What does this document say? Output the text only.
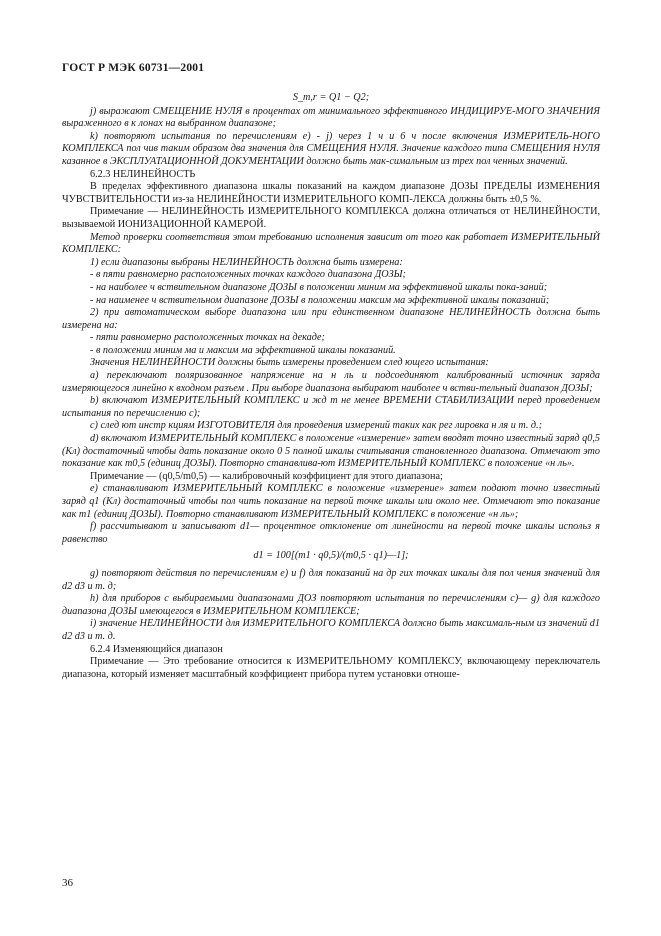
ГОСТ Р МЭК 60731—2001

S_m,r = Q1 − Q2;

j) выражают СМЕЩЕНИЕ НУЛЯ в процентах от минимального эффективного ИНДИЦИРУЕ-МОГО ЗНАЧЕНИЯ выраженного в к лонах на выбранном диапазоне;

k) повторяют испытания по перечислениям е) - j) через 1 ч и 6 ч после включения ИЗМЕРИТЕЛЬ-НОГО КОМПЛЕКСА пол чив таким образом два значения для СМЕЩЕНИЯ НУЛЯ. Значение каждого типа СМЕЩЕНИЯ НУЛЯ казанное в ЭКСПЛУАТАЦИОННОЙ ДОКУМЕНТАЦИИ должно быть мак-симальным из трех пол ченных значений.

6.2.3 НЕЛИНЕЙНОСТЬ

В пределах эффективного диапазона шкалы показаний на каждом диапазоне ДОЗЫ ПРЕДЕЛЫ ИЗМЕНЕНИЯ ЧУВСТВИТЕЛЬНОСТИ из-за НЕЛИНЕЙНОСТИ ИЗМЕРИТЕЛЬНОГО КОМП-ЛЕКСА должны быть ±0,5 %.

Примечание — НЕЛИНЕЙНОСТЬ ИЗМЕРИТЕЛЬНОГО КОМПЛЕКСА должна отличаться от НЕЛИНЕЙНОСТИ, вызываемой ИОНИЗАЦИОННОЙ КАМЕРОЙ.

Метод проверки соответствия этом требованию исполнения зависит от того как работает ИЗМЕРИТЕЛЬНЫЙ КОМПЛЕКС:

1) если диапазоны выбраны НЕЛИНЕЙНОСТЬ должна быть измерена:

- в пяти равномерно расположенных точках каждого диапазона ДОЗЫ;

- на наиболее ч вствительном диапазоне ДОЗЫ в положении миним ма эффективной шкалы пока-заний;

- на наименее ч вствительном диапазоне ДОЗЫ в положении максим ма эффективной шкалы показаний;

2) при автоматическом выборе диапазона или при единственном диапазоне НЕЛИНЕЙНОСТЬ должна быть измерена на:

- пяти равномерно расположенных точках на декаде;

- в положении миним ма и максим ма эффективной шкалы показаний.

Значения НЕЛИНЕЙНОСТИ должны быть измерены проведением след ющего испытания:

а) переключают поляризованное напряжение на н ль и подсоединяют калиброванный источник заряда измеряющегося линейно к входном разъем . При выборе диапазона выбирают наиболее ч встви-тельный диапазон ДОЗЫ;

b) включают ИЗМЕРИТЕЛЬНЫЙ КОМПЛЕКС и жд т не менее ВРЕМЕНИ СТАБИЛИЗАЦИИ перед проведением испытания по перечислению с);

с) след ют инстр кциям ИЗГОТОВИТЕЛЯ для проведения измерений таких как рег лировка н ля и т. д.;

d) включают ИЗМЕРИТЕЛЬНЫЙ КОМПЛЕКС в положение «измерение» затем вводят точно известный заряд q0,5 (Кл) достаточный чтобы дать показание около 0 5 полной шкалы считывания становленного диапазона. Отмечают это показание как m0,5 (единиц ДОЗЫ). Повторно станавлива-ют ИЗМЕРИТЕЛЬНЫЙ КОМПЛЕКС в положение «н ль».

Примечание — (q0,5/m0,5) — калибровочный коэффициент для этого диапазона;

е) станавливают ИЗМЕРИТЕЛЬНЫЙ КОМПЛЕКС в положение «измерение» затем подают точно известный заряд q1 (Кл) достаточный чтобы пол чить показание на первой точке шкалы или около нее. Отмечают это показание как m1 (единиц ДОЗЫ). Повторно станавливают ИЗМЕРИТЕЛЬНЫЙ КОМПЛЕКС в положение «н ль»;

f) рассчитывают и записывают d1— процентное отклонение от линейности на первой точке шкалы использ я равенство

d1 = 100[(m1 · q0,5)/(m0,5 · q1)—1];

g) повторяют действия по перечислениям е) и f) для показаний на др гих точках шкалы для пол чения значений для d2 d3 и т. д;

h) для приборов с выбираемыми диапазонами ДОЗ повторяют испытания по перечислениям с)— g) для каждого диапазона ДОЗЫ имеющегося в ИЗМЕРИТЕЛЬНОМ КОМПЛЕКСЕ;

i) значение НЕЛИНЕЙНОСТИ для ИЗМЕРИТЕЛЬНОГО КОМПЛЕКСА должно быть максималь-ным из значений d1 d2 d3 и т. д.

6.2.4 Изменяющийся диапазон

Примечание — Это требование относится к ИЗМЕРИТЕЛЬНОМУ КОМПЛЕКСУ, включающему переключатель диапазона, который изменяет масштабный коэффициент прибора путем установки отноше-

36
